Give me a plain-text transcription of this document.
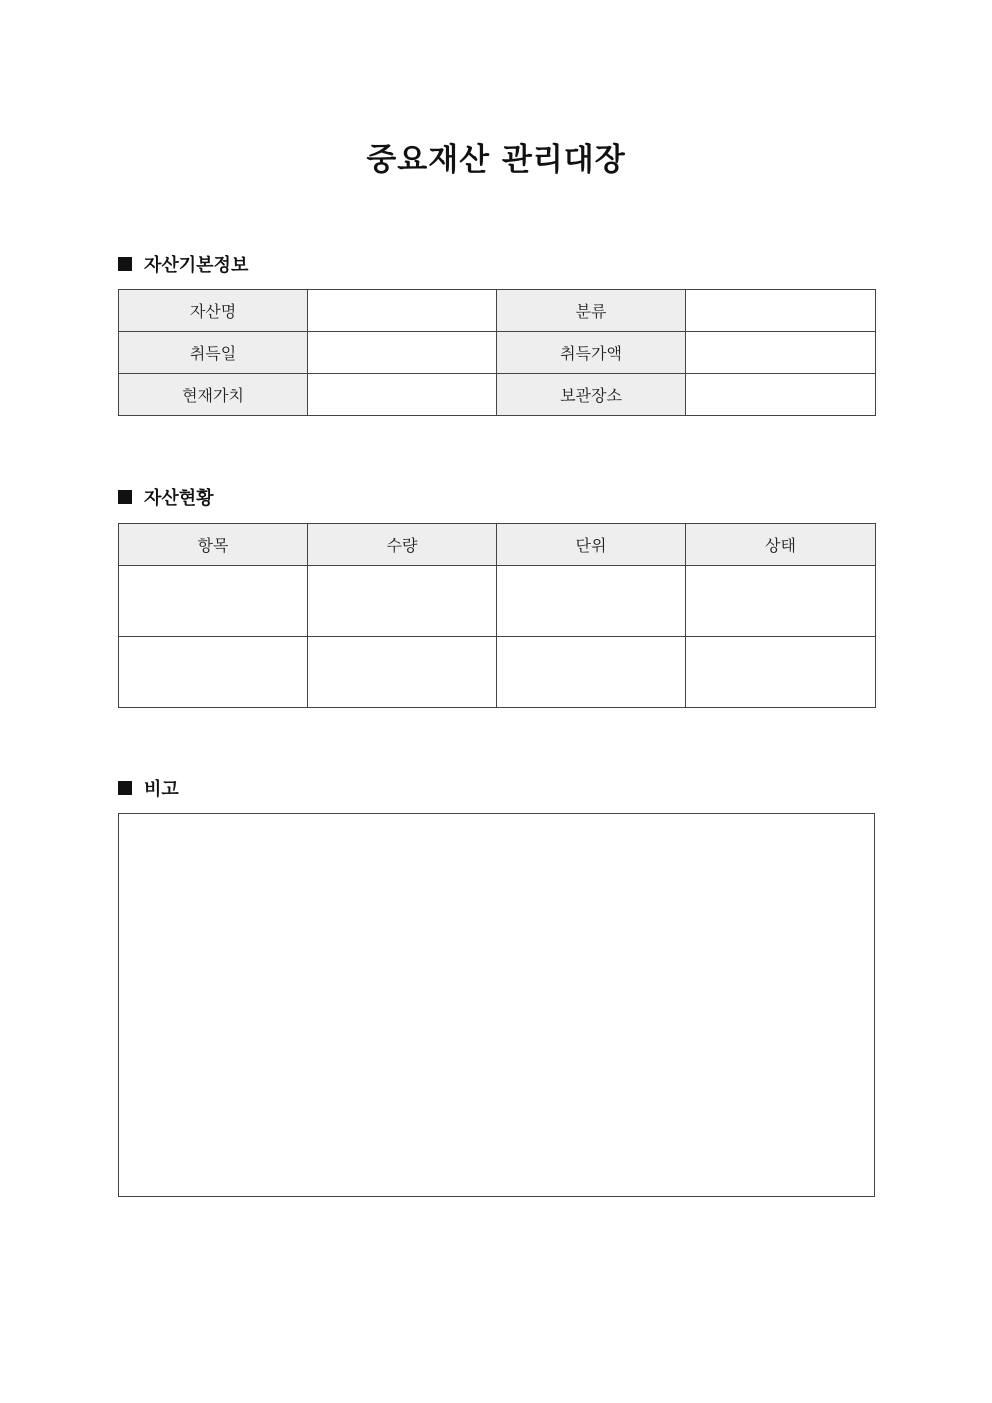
중요재산 관리대장
자산기본정보
자산명		분류	
취득일		취득가액	
현재가치		보관장소	
자산현황
항목	수량	단위	상태

비고
